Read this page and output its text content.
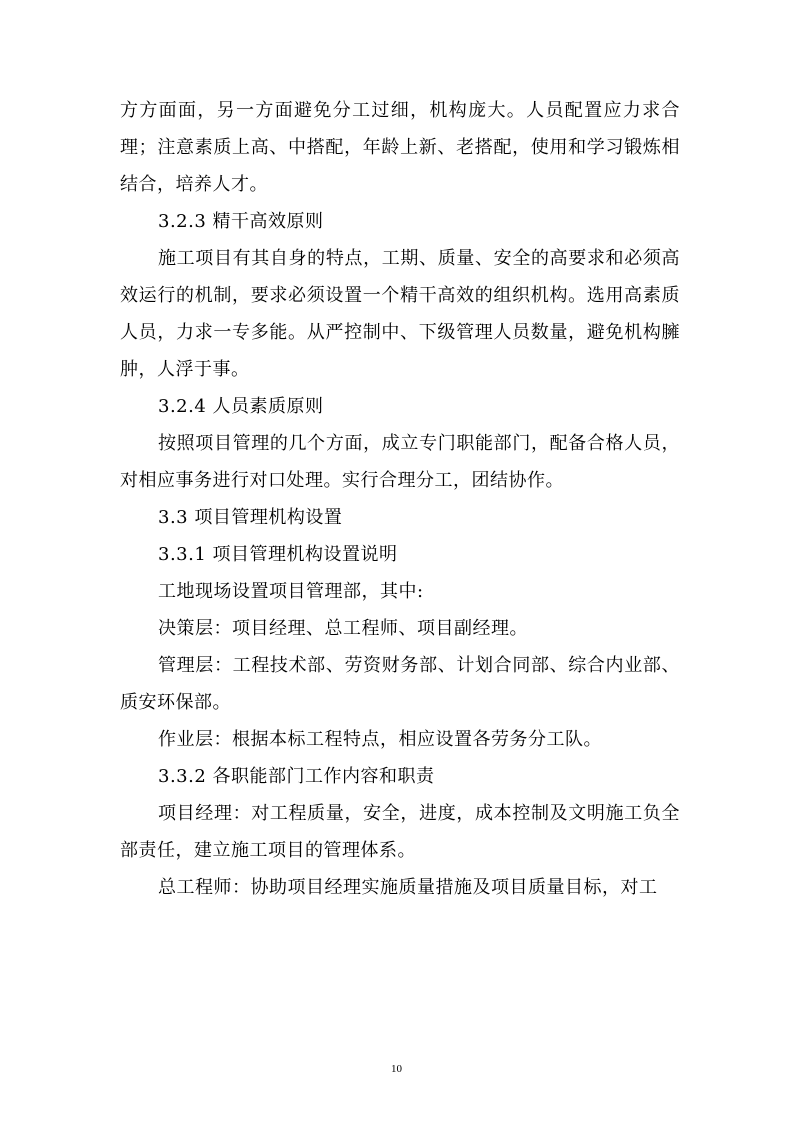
方方面面，另一方面避免分工过细，机构庞大。人员配置应力求合理；注意素质上高、中搭配，年龄上新、老搭配，使用和学习锻炼相结合，培养人才。

3.2.3 精干高效原则

施工项目有其自身的特点，工期、质量、安全的高要求和必须高效运行的机制，要求必须设置一个精干高效的组织机构。选用高素质人员，力求一专多能。从严控制中、下级管理人员数量，避免机构臃肿，人浮于事。

3.2.4 人员素质原则

按照项目管理的几个方面，成立专门职能部门，配备合格人员，对相应事务进行对口处理。实行合理分工，团结协作。

3.3 项目管理机构设置

3.3.1 项目管理机构设置说明

工地现场设置项目管理部，其中:

决策层：项目经理、总工程师、项目副经理。

管理层：工程技术部、劳资财务部、计划合同部、综合内业部、质安环保部。

作业层：根据本标工程特点，相应设置各劳务分工队。

3.3.2 各职能部门工作内容和职责

项目经理：对工程质量，安全，进度，成本控制及文明施工负全部责任，建立施工项目的管理体系。

总工程师：协助项目经理实施质量措施及项目质量目标，对工

10
